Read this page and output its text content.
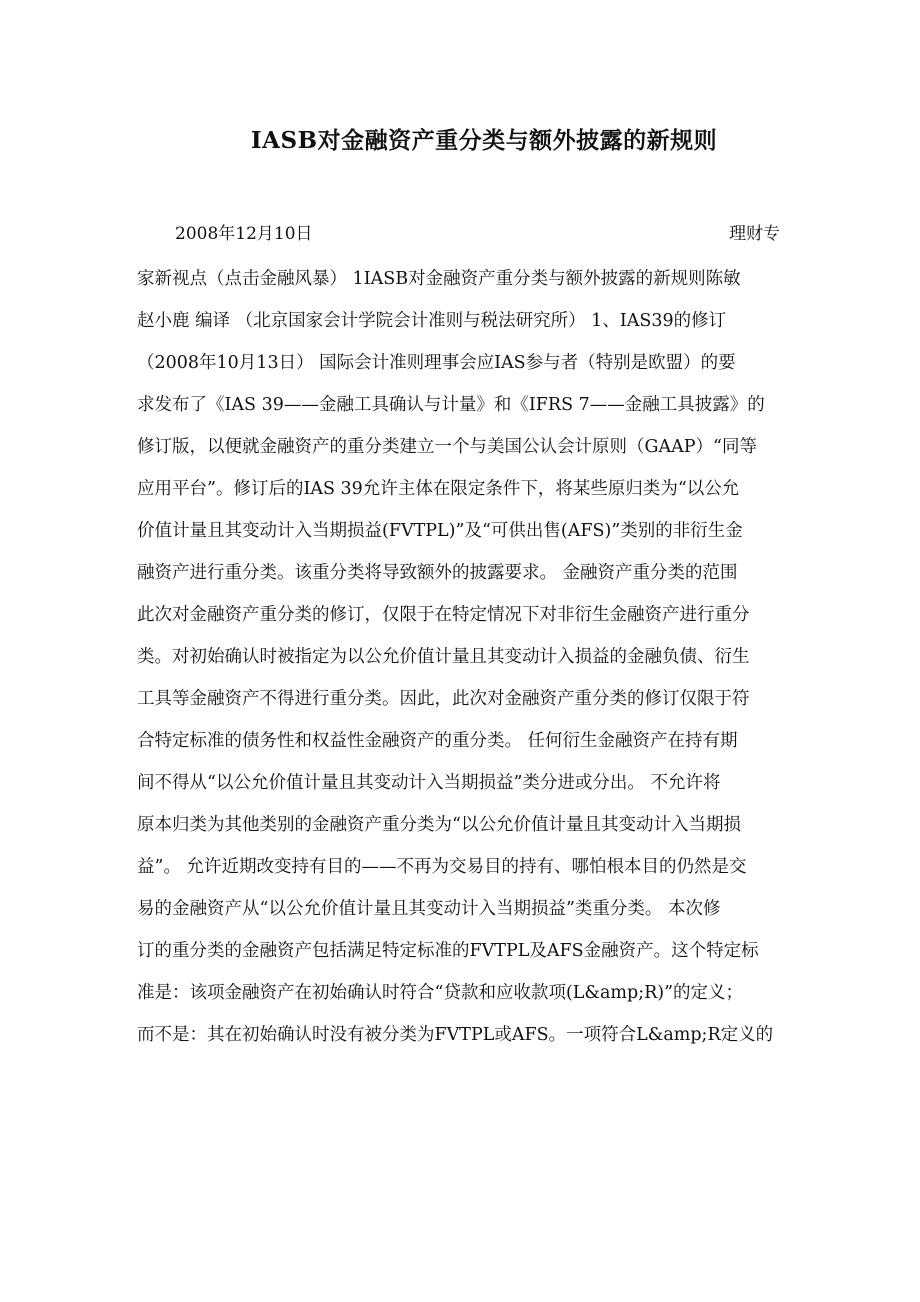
IASB对金融资产重分类与额外披露的新规则
2008年12月10日	理财专
家新视点（点击金融风暴） 1IASB对金融资产重分类与额外披露的新规则陈敏
赵小鹿 编译 （北京国家会计学院会计准则与税法研究所） 1、IAS39的修订
（2008年10月13日） 国际会计准则理事会应IAS参与者（特别是欧盟）的要
求发布了《IAS 39——金融工具确认与计量》和《IFRS 7——金融工具披露》的
修订版，以便就金融资产的重分类建立一个与美国公认会计原则（GAAP）“同等
应用平台”。修订后的IAS 39允许主体在限定条件下，将某些原归类为“以公允
价值计量且其变动计入当期损益(FVTPL)”及“可供出售(AFS)”类别的非衍生金
融资产进行重分类。该重分类将导致额外的披露要求。 金融资产重分类的范围
此次对金融资产重分类的修订，仅限于在特定情况下对非衍生金融资产进行重分
类。对初始确认时被指定为以公允价值计量且其变动计入损益的金融负债、衍生
工具等金融资产不得进行重分类。因此，此次对金融资产重分类的修订仅限于符
合特定标准的债务性和权益性金融资产的重分类。 任何衍生金融资产在持有期
间不得从“以公允价值计量且其变动计入当期损益”类分进或分出。 不允许将
原本归类为其他类别的金融资产重分类为“以公允价值计量且其变动计入当期损
益”。 允许近期改变持有目的——不再为交易目的持有、哪怕根本目的仍然是交
易的金融资产从“以公允价值计量且其变动计入当期损益”类重分类。 本次修
订的重分类的金融资产包括满足特定标准的FVTPL及AFS金融资产。这个特定标
准是：该项金融资产在初始确认时符合“贷款和应收款项(L&amp;R)”的定义；
而不是：其在初始确认时没有被分类为FVTPL或AFS。一项符合L&amp;R定义的
